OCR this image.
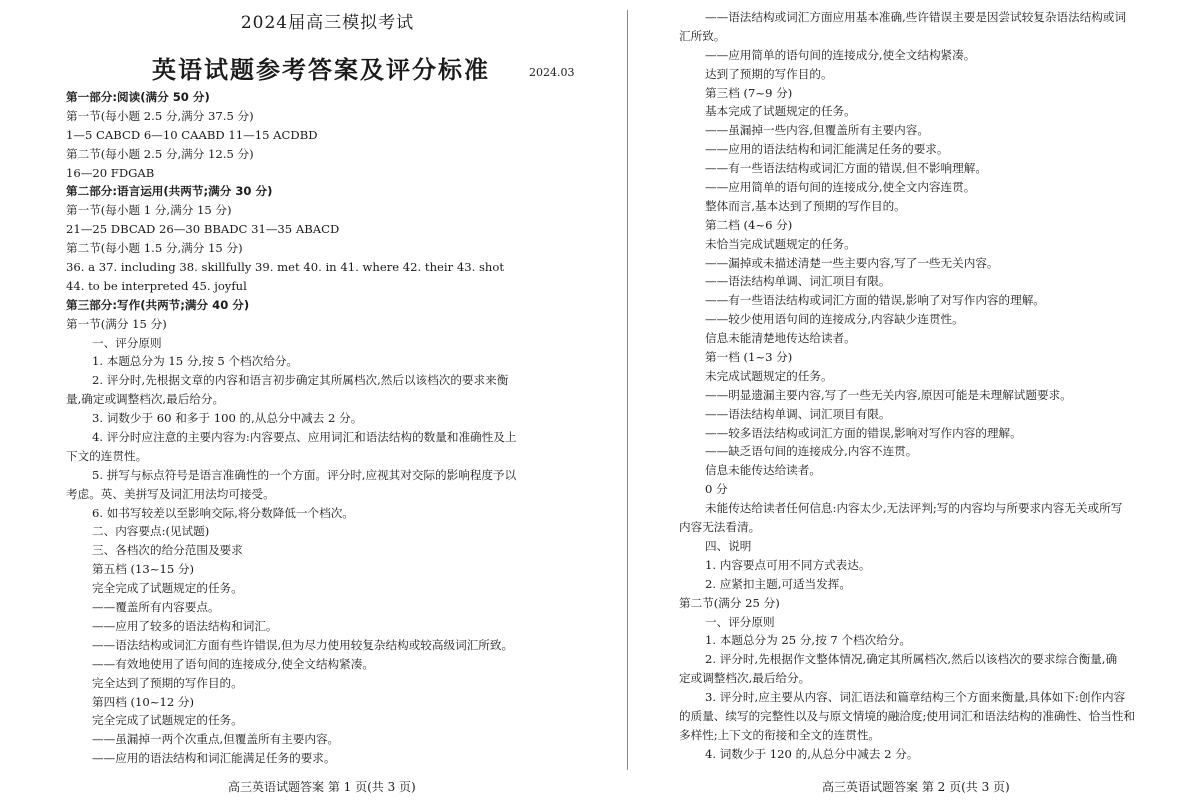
2024届高三模拟考试
英语试题参考答案及评分标准	2024.03
第一部分:阅读(满分 50 分)
第一节(每小题 2.5 分,满分 37.5 分)
1—5 CABCD 6—10 CAABD 11—15 ACDBD
第二节(每小题 2.5 分,满分 12.5 分)
16—20 FDGAB
第二部分:语言运用(共两节;满分 30 分)
第一节(每小题 1 分,满分 15 分)
21—25 DBCAD 26—30 BBADC 31—35 ABACD
第二节(每小题 1.5 分,满分 15 分)
36. a 37. including 38. skillfully 39. met 40. in 41. where 42. their 43. shot
44. to be interpreted 45. joyful
第三部分:写作(共两节;满分 40 分)
第一节(满分 15 分)
一、评分原则
1. 本题总分为 15 分,按 5 个档次给分。
2. 评分时,先根据文章的内容和语言初步确定其所属档次,然后以该档次的要求来衡
量,确定或调整档次,最后给分。
3. 词数少于 60 和多于 100 的,从总分中减去 2 分。
4. 评分时应注意的主要内容为:内容要点、应用词汇和语法结构的数量和准确性及上
下文的连贯性。
5. 拼写与标点符号是语言准确性的一个方面。评分时,应视其对交际的影响程度予以
考虑。英、美拼写及词汇用法均可接受。
6. 如书写较差以至影响交际,将分数降低一个档次。
二、内容要点:(见试题)
三、各档次的给分范围及要求
第五档 (13~15 分)
完全完成了试题规定的任务。
——覆盖所有内容要点。
——应用了较多的语法结构和词汇。
——语法结构或词汇方面有些许错误,但为尽力使用较复杂结构或较高级词汇所致。
——有效地使用了语句间的连接成分,使全文结构紧凑。
完全达到了预期的写作目的。
第四档 (10~12 分)
完全完成了试题规定的任务。
——虽漏掉一两个次重点,但覆盖所有主要内容。
——应用的语法结构和词汇能满足任务的要求。
——语法结构或词汇方面应用基本准确,些许错误主要是因尝试较复杂语法结构或词
汇所致。
——应用简单的语句间的连接成分,使全文结构紧凑。
达到了预期的写作目的。
第三档 (7~9 分)
基本完成了试题规定的任务。
——虽漏掉一些内容,但覆盖所有主要内容。
——应用的语法结构和词汇能满足任务的要求。
——有一些语法结构或词汇方面的错误,但不影响理解。
——应用简单的语句间的连接成分,使全文内容连贯。
整体而言,基本达到了预期的写作目的。
第二档 (4~6 分)
未恰当完成试题规定的任务。
——漏掉或未描述清楚一些主要内容,写了一些无关内容。
——语法结构单调、词汇项目有限。
——有一些语法结构或词汇方面的错误,影响了对写作内容的理解。
——较少使用语句间的连接成分,内容缺少连贯性。
信息未能清楚地传达给读者。
第一档 (1~3 分)
未完成试题规定的任务。
——明显遗漏主要内容,写了一些无关内容,原因可能是未理解试题要求。
——语法结构单调、词汇项目有限。
——较多语法结构或词汇方面的错误,影响对写作内容的理解。
——缺乏语句间的连接成分,内容不连贯。
信息未能传达给读者。
0 分
未能传达给读者任何信息:内容太少,无法评判;写的内容均与所要求内容无关或所写
内容无法看清。
四、说明
1. 内容要点可用不同方式表达。
2. 应紧扣主题,可适当发挥。
第二节(满分 25 分)
一、评分原则
1. 本题总分为 25 分,按 7 个档次给分。
2. 评分时,先根据作文整体情况,确定其所属档次,然后以该档次的要求综合衡量,确
定或调整档次,最后给分。
3. 评分时,应主要从内容、词汇语法和篇章结构三个方面来衡量,具体如下:创作内容
的质量、续写的完整性以及与原文情境的融洽度;使用词汇和语法结构的准确性、恰当性和
多样性;上下文的衔接和全文的连贯性。
4. 词数少于 120 的,从总分中减去 2 分。
高三英语试题答案 第 1 页(共 3 页)	高三英语试题答案 第 2 页(共 3 页)
